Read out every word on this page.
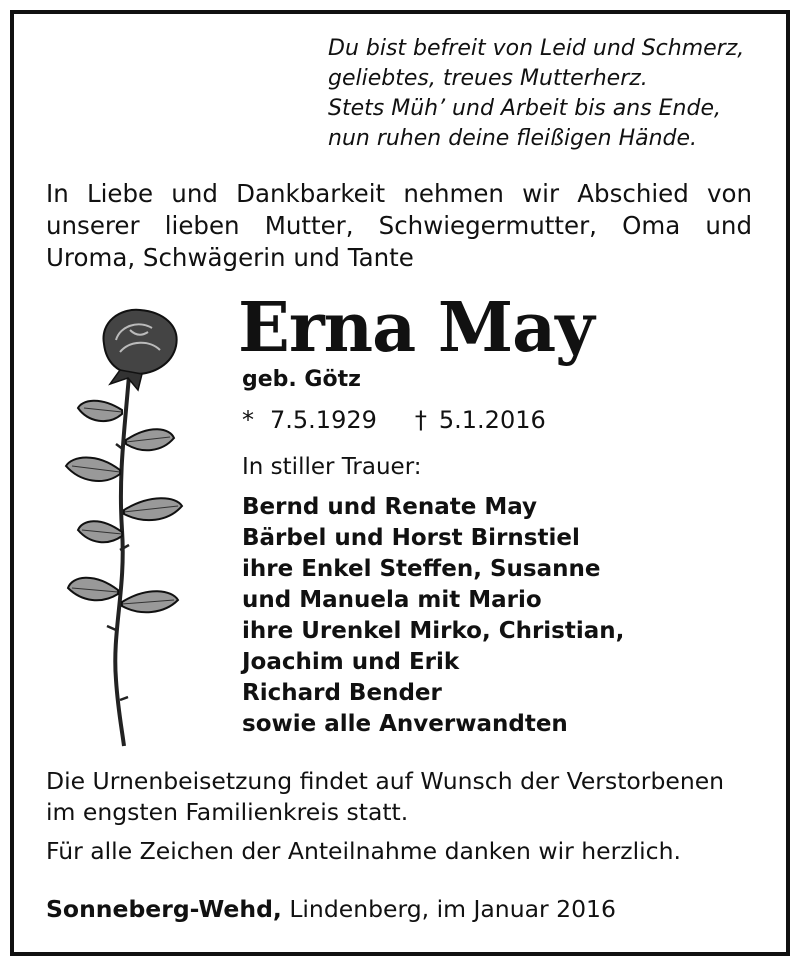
Du bist befreit von Leid und Schmerz,
geliebtes, treues Mutterherz.
Stets Müh’ und Arbeit bis ans Ende,
nun ruhen deine fleißigen Hände.
In Liebe und Dankbarkeit nehmen wir Abschied von
unserer lieben Mutter, Schwiegermutter, Oma und
Uroma, Schwägerin und Tante
Erna May
geb. Götz
* 7.5.1929 † 5.1.2016
In stiller Trauer:
Bernd und Renate May
Bärbel und Horst Birnstiel
ihre Enkel Steffen, Susanne
und Manuela mit Mario
ihre Urenkel Mirko, Christian,
Joachim und Erik
Richard Bender
sowie alle Anverwandten
Die Urnenbeisetzung findet auf Wunsch der Verstorbenen
im engsten Familienkreis statt.
Für alle Zeichen der Anteilnahme danken wir herzlich.
Sonneberg-Wehd, Lindenberg, im Januar 2016
